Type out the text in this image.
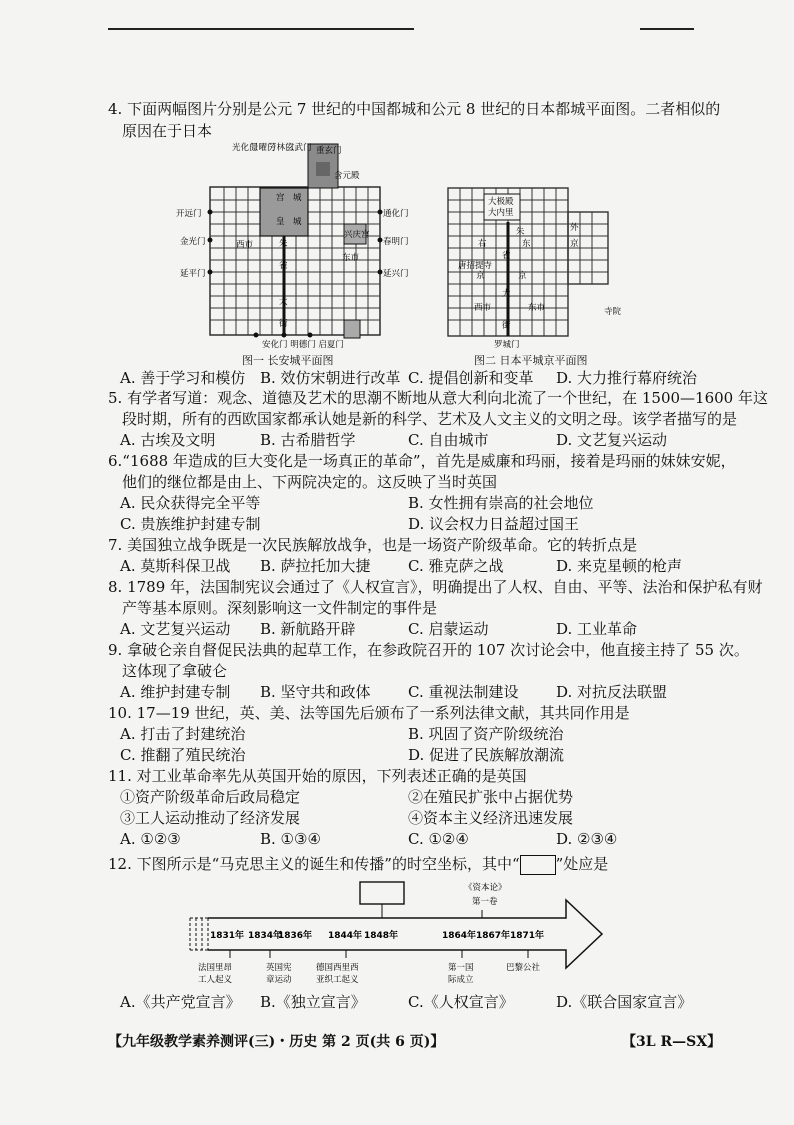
4. 下面两幅图片分别是公元 7 世纪的中国都城和公元 8 世纪的日本都城平面图。二者相似的
原因在于日本
宫 城
皇 城
朱
雀
大
街
西市
兴庆宫
东市
重玄门
含元殿
开远门
金光门
延平门
通化门
春明门
延兴门
安化门 明德门 启夏门
光化门
景曜门
芳林门
玄武门
图一 长安城平面图
大极殿
大内里
朱
右	东
雀
唐招提寺
京	京
大
西市	东市
街
外
京
罗城门
寺院
图二 日本平城京平面图
A. 善于学习和模仿 B. 效仿宋朝进行改革 C. 提倡创新和变革 D. 大力推行幕府统治
5. 有学者写道：观念、道德及艺术的思潮不断地从意大利向北流了一个世纪，在 1500—1600 年这
段时期，所有的西欧国家都承认她是新的科学、艺术及人文主义的文明之母。该学者描写的是
A. 古埃及文明	B. 古希腊哲学	C. 自由城市	D. 文艺复兴运动
6.“1688 年造成的巨大变化是一场真正的革命”，首先是威廉和玛丽，接着是玛丽的妹妹安妮，
他们的继位都是由上、下两院决定的。这反映了当时英国
A. 民众获得完全平等	B. 女性拥有崇高的社会地位
C. 贵族维护封建专制	D. 议会权力日益超过国王
7. 美国独立战争既是一次民族解放战争，也是一场资产阶级革命。它的转折点是
A. 莫斯科保卫战 B. 萨拉托加大捷 C. 雅克萨之战	D. 来克星顿的枪声
8. 1789 年，法国制宪议会通过了《人权宣言》，明确提出了人权、自由、平等、法治和保护私有财
产等基本原则。深刻影响这一文件制定的事件是
A. 文艺复兴运动 B. 新航路开辟	C. 启蒙运动	D. 工业革命
9. 拿破仑亲自督促民法典的起草工作，在参政院召开的 107 次讨论会中，他直接主持了 55 次。
这体现了拿破仑
A. 维护封建专制 B. 坚守共和政体 C. 重视法制建设	D. 对抗反法联盟
10. 17—19 世纪，英、美、法等国先后颁布了一系列法律文献，其共同作用是
A. 打击了封建统治	B. 巩固了资产阶级统治
C. 推翻了殖民统治	D. 促进了民族解放潮流
11. 对工业革命率先从英国开始的原因，下列表述正确的是英国
①资产阶级革命后政局稳定	②在殖民扩张中占据优势
③工人运动推动了经济发展	④资本主义经济迅速发展
A. ①②③	B. ①③④	C. ①②④	D. ②③④
12. 下图所示是“马克思主义的诞生和传播”的时空坐标，其中“ ”处应是
1831年 1834年
1836年 1844年 1848年	1864年 1867年 1871年
《资本论》
第一卷
法国里昂
工人起义
英国宪
章运动
德国西里西
亚织工起义
第一国
际成立
巴黎公社
A.《共产党宣言》 B.《独立宣言》	C.《人权宣言》	D.《联合国家宣言》
【九年级教学素养测评(三)・历史 第 2 页(共 6 页)】	【3L R—SX】
